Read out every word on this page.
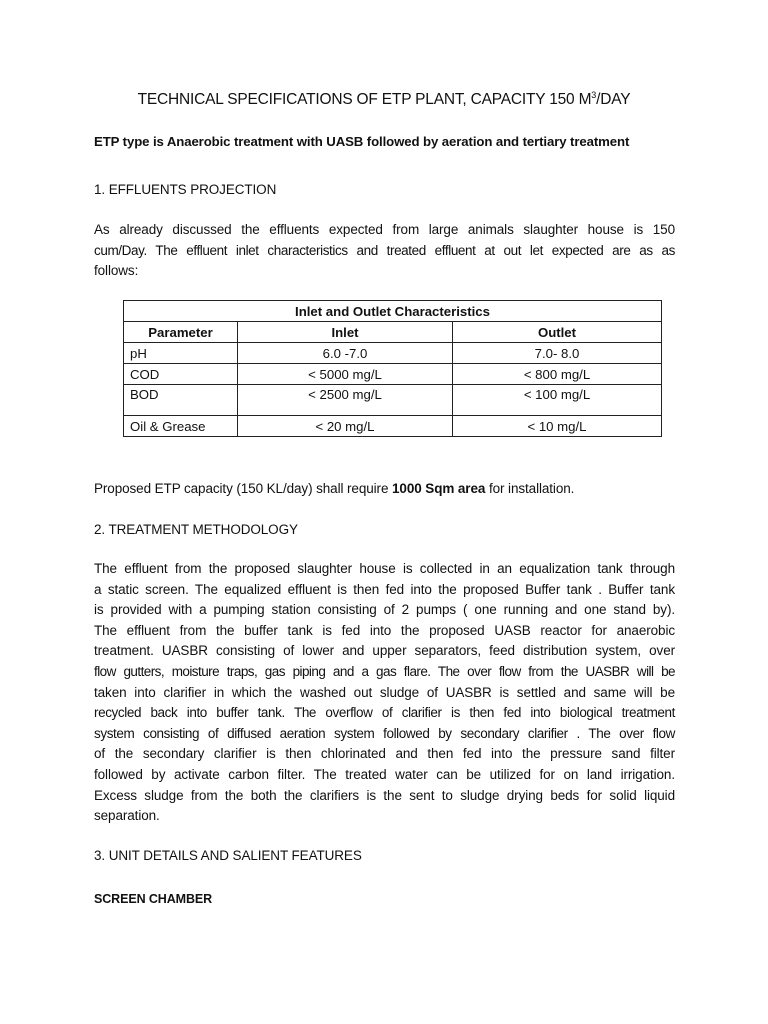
TECHNICAL SPECIFICATIONS OF ETP PLANT, CAPACITY 150 $M^3$/DAY
ETP type is Anaerobic treatment with UASB followed by aeration and tertiary treatment
1. EFFLUENTS PROJECTION
As already discussed the effluents expected from large animals slaughter house is 150
cum/Day. The effluent inlet characteristics and treated effluent at out let expected are as as
follows:
Inlet and Outlet Characteristics		
Parameter	Inlet	Outlet
pH	6.0 -7.0	7.0- 8.0
COD	< 5000 mg/L	< 800 mg/L
BOD	< 2500 mg/L	< 100 mg/L
Oil & Grease	< 20 mg/L	< 10 mg/L
Proposed ETP capacity (150 KL/day) shall require 1000 Sqm area for installation.
2. TREATMENT METHODOLOGY
The effluent from the proposed slaughter house is collected in an equalization tank through
a static screen. The equalized effluent is then fed into the proposed Buffer tank . Buffer tank
is provided with a pumping station consisting of 2 pumps ( one running and one stand by).
The effluent from the buffer tank is fed into the proposed UASB reactor for anaerobic
treatment. UASBR consisting of lower and upper separators, feed distribution system, over
flow gutters, moisture traps, gas piping and a gas flare. The over flow from the UASBR will be
taken into clarifier in which the washed out sludge of UASBR is settled and same will be
recycled back into buffer tank. The overflow of clarifier is then fed into biological treatment
system consisting of diffused aeration system followed by secondary clarifier . The over flow
of the secondary clarifier is then chlorinated and then fed into the pressure sand filter
followed by activate carbon filter. The treated water can be utilized for on land irrigation.
Excess sludge from the both the clarifiers is the sent to sludge drying beds for solid liquid
separation.
3. UNIT DETAILS AND SALIENT FEATURES
SCREEN CHAMBER
